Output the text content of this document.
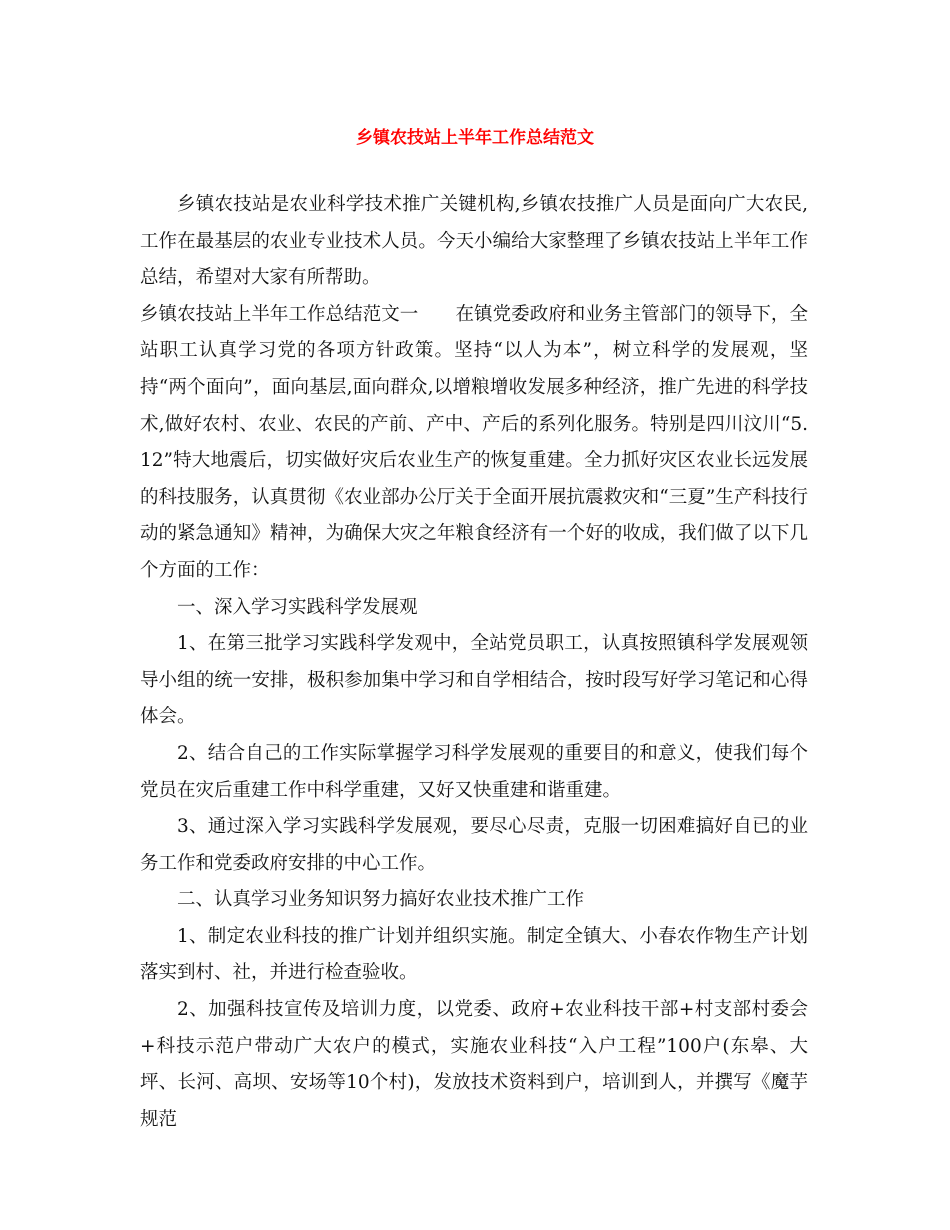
乡镇农技站上半年工作总结范文

乡镇农技站是农业科学技术推广关键机构,乡镇农技推广人员是面向广大农民,工作在最基层的农业专业技术人员。今天小编给大家整理了乡镇农技站上半年工作总结，希望对大家有所帮助。

乡镇农技站上半年工作总结范文一　　在镇党委政府和业务主管部门的领导下，全站职工认真学习党的各项方针政策。坚持“以人为本”，树立科学的发展观，坚持“两个面向”，面向基层,面向群众,以增粮增收发展多种经济，推广先进的科学技术,做好农村、农业、农民的产前、产中、产后的系列化服务。特别是四川汶川“5.12”特大地震后，切实做好灾后农业生产的恢复重建。全力抓好灾区农业长远发展的科技服务，认真贯彻《农业部办公厅关于全面开展抗震救灾和“三夏”生产科技行动的紧急通知》精神，为确保大灾之年粮食经济有一个好的收成，我们做了以下几个方面的工作：

一、深入学习实践科学发展观

1、在第三批学习实践科学发观中，全站党员职工，认真按照镇科学发展观领导小组的统一安排，极积参加集中学习和自学相结合，按时段写好学习笔记和心得体会。

2、结合自己的工作实际掌握学习科学发展观的重要目的和意义，使我们每个党员在灾后重建工作中科学重建，又好又快重建和谐重建。

3、通过深入学习实践科学发展观，要尽心尽责，克服一切困难搞好自已的业务工作和党委政府安排的中心工作。

二、认真学习业务知识努力搞好农业技术推广工作

1、制定农业科技的推广计划并组织实施。制定全镇大、小春农作物生产计划落实到村、社，并进行检查验收。

2、加强科技宣传及培训力度，以党委、政府+农业科技干部+村支部村委会+科技示范户带动广大农户的模式，实施农业科技“入户工程”100户(东皋、大坪、长河、高坝、安场等10个村)，发放技术资料到户，培训到人，并撰写《魔芋规范
